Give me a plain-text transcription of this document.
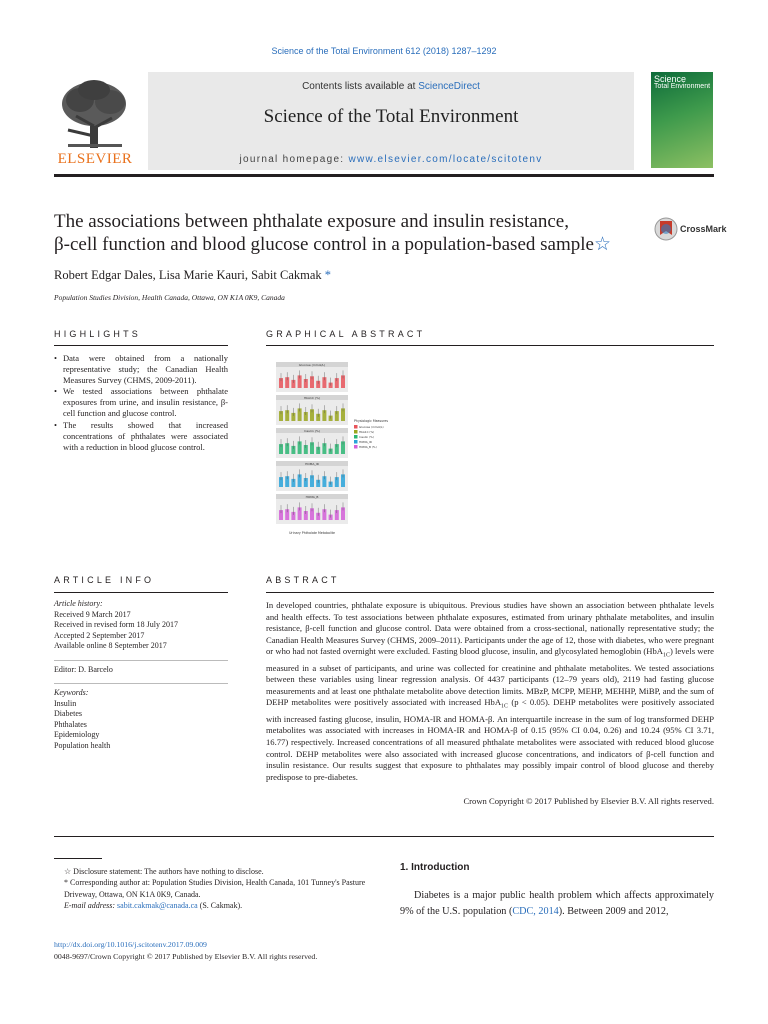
Science of the Total Environment 612 (2018) 1287–1292
ELSEVIER
Contents lists available at ScienceDirect
Science of the Total Environment
journal homepage: www.elsevier.com/locate/scitotenv
Science
Total Environment
The associations between phthalate exposure and insulin resistance,
β-cell function and blood glucose control in a population-based sample☆
CrossMark
Robert Edgar Dales, Lisa Marie Kauri, Sabit Cakmak *
Population Studies Division, Health Canada, Ottawa, ON K1A 0K9, Canada
HIGHLIGHTS	GRAPHICAL ABSTRACT
• Data were obtained from a nationally representative study; the Canadian Health Measures Survey (CHMS, 2009-2011).
• We tested associations between phthalate exposures from urine, and insulin resistance, β-cell function and glucose control.
• The results showed that increased concentrations of phthalates were associated with a reduction in blood glucose control.
Glucose (mmol/L)
HbA1C (%)
Insulin (%)
HOMA_IR
HOMA_B
Physiologic Measures
Glucose (mmol/L)
HbA1C (%)
Insulin (%)
HOMA_IR
HOMA_B (%)
Urinary Phthalate Metabolite
ARTICLE INFO	ABSTRACT
Article history:
Received 9 March 2017
Received in revised form 18 July 2017
Accepted 2 September 2017
Available online 8 September 2017
Editor: D. Barcelo
Keywords:
Insulin
Diabetes
Phthalates
Epidemiology
Population health
In developed countries, phthalate exposure is ubiquitous. Previous studies have shown an association between phthalate levels and health effects. To test associations between phthalate exposures, estimated from urinary phthalate metabolites, and insulin resistance, β-cell function and glucose control. Data were obtained from a cross-sectional, nationally representative study; the Canadian Health Measures Survey (CHMS, 2009–2011). Participants under the age of 12, those with diabetes, who were pregnant or who had not fasted overnight were excluded. Fasting blood glucose, insulin, and glycosylated hemoglobin (HbA$_{1C}$) levels were measured in a subset of participants, and urine was collected for creatinine and phthalate metabolites. We tested associations between these variables using linear regression analysis. Of 4437 participants (12–79 years old), 2119 had fasting glucose measurements and at least one phthalate metabolite above detection limits. MBzP, MCPP, MEHP, MEHHP, MiBP, and the sum of DEHP metabolites were positively associated with increased HbA$_{1C}$ (p < 0.05). DEHP metabolites were positively associated with increased fasting glucose, insulin, HOMA-IR and HOMA-β. An interquartile increase in the sum of log transformed DEHP metabolites was associated with increases in HOMA-IR and HOMA-β of 0.15 (95% CI 0.04, 0.26) and 10.24 (95% CI 3.71, 16.77) respectively. Increased concentrations of all measured phthalate metabolites were associated with reduced blood glucose control. DEHP metabolites were also associated with increased glucose concentrations, and indicators of β-cell function and insulin resistance. Our results suggest that exposure to phthalates may possibly impair control of blood glucose and thereby predispose to pre-diabetes.
Crown Copyright © 2017 Published by Elsevier B.V. All rights reserved.

☆ Disclosure statement: The authors have nothing to disclose.

* Corresponding author at: Population Studies Division, Health Canada, 101 Tunney's Pasture Driveway, Ottawa, ON K1A 0K9, Canada.

E-mail address: sabit.cakmak@canada.ca (S. Cakmak).

http://dx.doi.org/10.1016/j.scitotenv.2017.09.009
0048-9697/Crown Copyright © 2017 Published by Elsevier B.V. All rights reserved.
1. Introduction
Diabetes is a major public health problem which affects approximately 9% of the U.S. population (CDC, 2014). Between 2009 and 2012,
